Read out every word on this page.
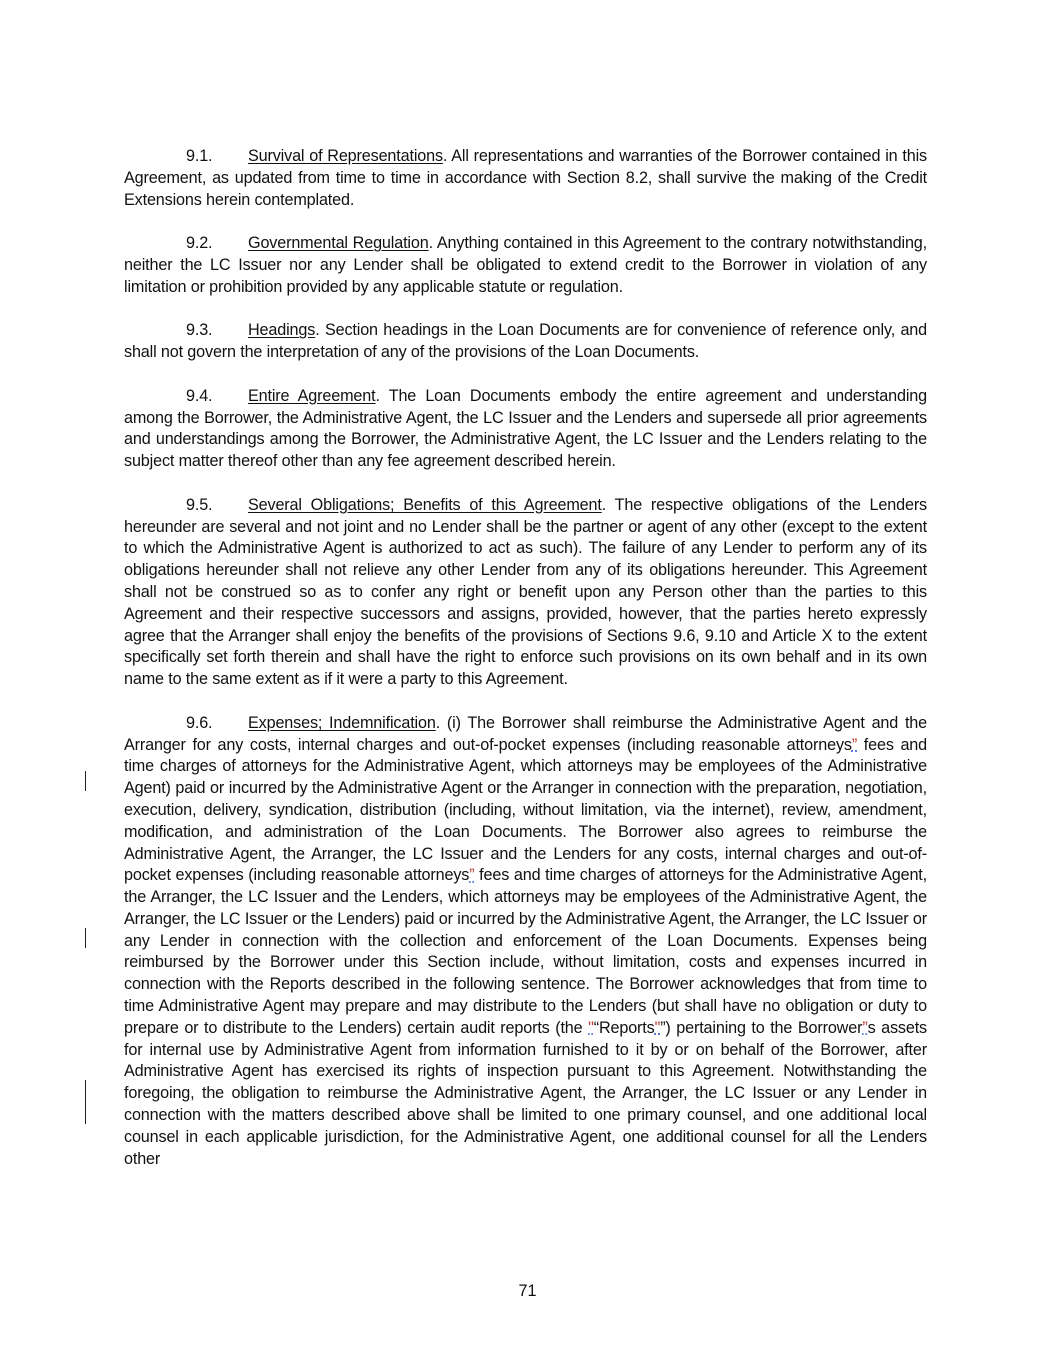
9.1. Survival of Representations. All representations and warranties of the Borrower contained in this Agreement, as updated from time to time in accordance with Section 8.2, shall survive the making of the Credit Extensions herein contemplated.

9.2. Governmental Regulation. Anything contained in this Agreement to the contrary notwithstanding, neither the LC Issuer nor any Lender shall be obligated to extend credit to the Borrower in violation of any limitation or prohibition provided by any applicable statute or regulation.

9.3. Headings. Section headings in the Loan Documents are for convenience of reference only, and shall not govern the interpretation of any of the provisions of the Loan Documents.

9.4. Entire Agreement. The Loan Documents embody the entire agreement and understanding among the Borrower, the Administrative Agent, the LC Issuer and the Lenders and supersede all prior agreements and understandings among the Borrower, the Administrative Agent, the LC Issuer and the Lenders relating to the subject matter thereof other than any fee agreement described herein.

9.5. Several Obligations; Benefits of this Agreement. The respective obligations of the Lenders hereunder are several and not joint and no Lender shall be the partner or agent of any other (except to the extent to which the Administrative Agent is authorized to act as such). The failure of any Lender to perform any of its obligations hereunder shall not relieve any other Lender from any of its obligations hereunder. This Agreement shall not be construed so as to confer any right or benefit upon any Person other than the parties to this Agreement and their respective successors and assigns, provided, however, that the parties hereto expressly agree that the Arranger shall enjoy the benefits of the provisions of Sections 9.6, 9.10 and Article X to the extent specifically set forth therein and shall have the right to enforce such provisions on its own behalf and in its own name to the same extent as if it were a party to this Agreement.

9.6. Expenses; Indemnification. (i) The Borrower shall reimburse the Administrative Agent and the Arranger for any costs, internal charges and out-of-pocket expenses (including reasonable attorneys” fees and time charges of attorneys for the Administrative Agent, which attorneys may be employees of the Administrative Agent) paid or incurred by the Administrative Agent or the Arranger in connection with the preparation, negotiation, execution, delivery, syndication, distribution (including, without limitation, via the internet), review, amendment, modification, and administration of the Loan Documents. The Borrower also agrees to reimburse the Administrative Agent, the Arranger, the LC Issuer and the Lenders for any costs, internal charges and out-of-pocket expenses (including reasonable attorneys” fees and time charges of attorneys for the Administrative Agent, the Arranger, the LC Issuer and the Lenders, which attorneys may be employees of the Administrative Agent, the Arranger, the LC Issuer or the Lenders) paid or incurred by the Administrative Agent, the Arranger, the LC Issuer or any Lender in connection with the collection and enforcement of the Loan Documents. Expenses being reimbursed by the Borrower under this Section include, without limitation, costs and expenses incurred in connection with the Reports described in the following sentence. The Borrower acknowledges that from time to time Administrative Agent may prepare and may distribute to the Lenders (but shall have no obligation or duty to prepare or to distribute to the Lenders) certain audit reports (the "“Reports"”) pertaining to the Borrower”s assets for internal use by Administrative Agent from information furnished to it by or on behalf of the Borrower, after Administrative Agent has exercised its rights of inspection pursuant to this Agreement. Notwithstanding the foregoing, the obligation to reimburse the Administrative Agent, the Arranger, the LC Issuer or any Lender in connection with the matters described above shall be limited to one primary counsel, and one additional local counsel in each applicable jurisdiction, for the Administrative Agent, one additional counsel for all the Lenders other

71
